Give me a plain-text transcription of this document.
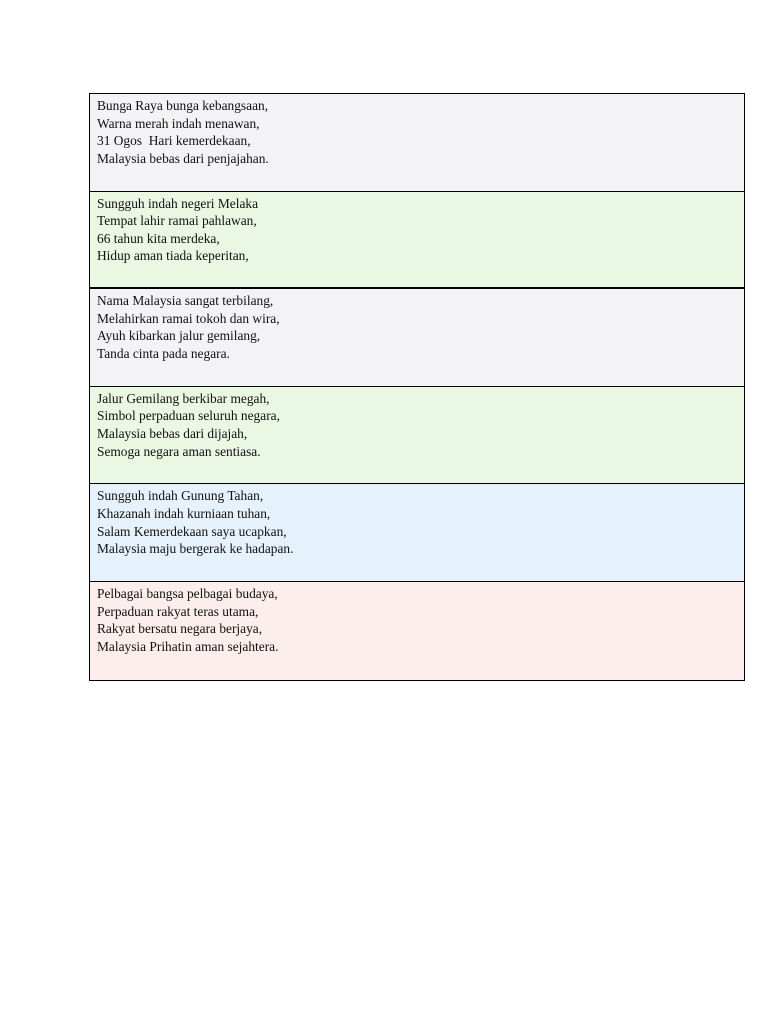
Bunga Raya bunga kebangsaan,
Warna merah indah menawan,
31 Ogos  Hari kemerdekaan,
Malaysia bebas dari penjajahan.
Sungguh indah negeri Melaka
Tempat lahir ramai pahlawan,
66 tahun kita merdeka,
Hidup aman tiada keperitan,
Nama Malaysia sangat terbilang,
Melahirkan ramai tokoh dan wira,
Ayuh kibarkan jalur gemilang,
Tanda cinta pada negara.
Jalur Gemilang berkibar megah,
Simbol perpaduan seluruh negara,
Malaysia bebas dari dijajah,
Semoga negara aman sentiasa.
Sungguh indah Gunung Tahan,
Khazanah indah kurniaan tuhan,
Salam Kemerdekaan saya ucapkan,
Malaysia maju bergerak ke hadapan.
Pelbagai bangsa pelbagai budaya,
Perpaduan rakyat teras utama,
Rakyat bersatu negara berjaya,
Malaysia Prihatin aman sejahtera.
